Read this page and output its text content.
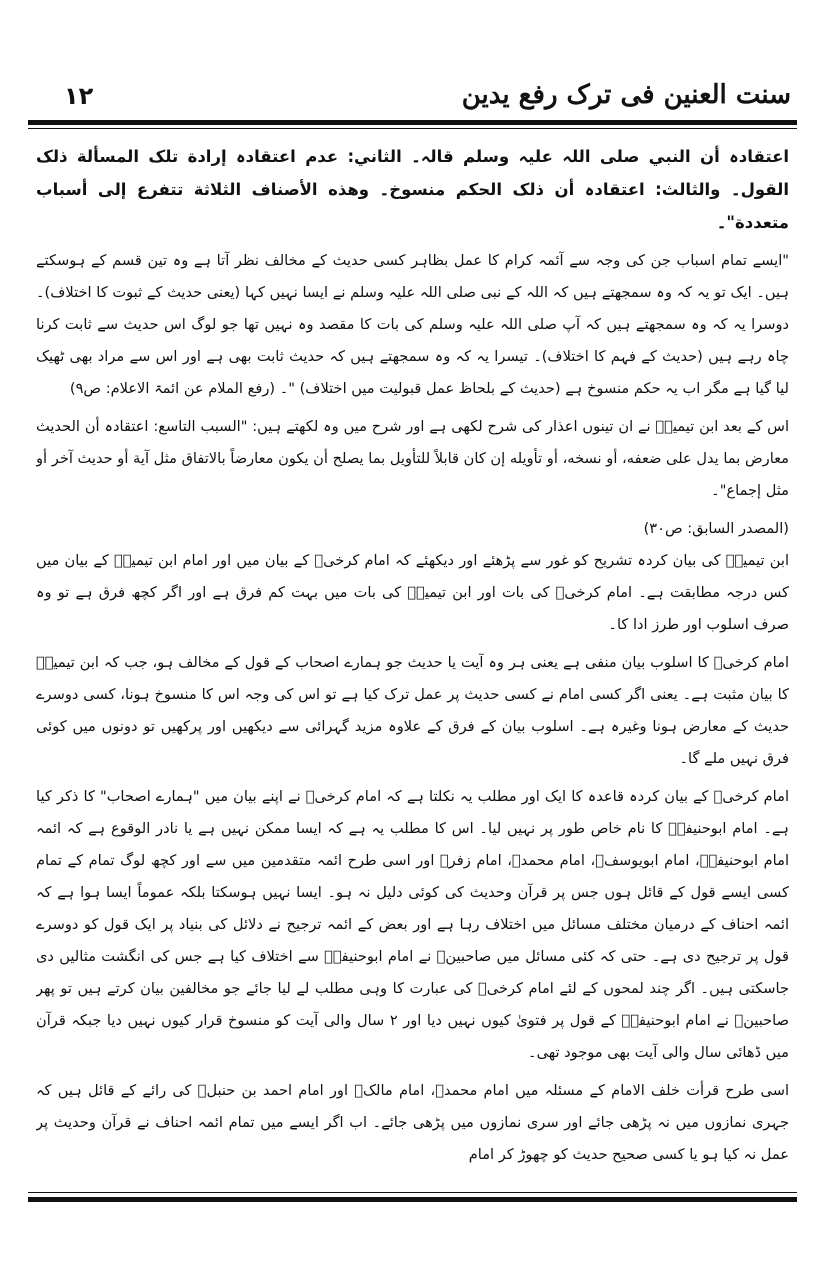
سنت العنین فی ترک رفع یدین
۱۲

اعتقادہ أن النبي صلی اللہ علیہ وسلم قالہ۔ الثاني: عدم اعتقادہ إرادة تلک المسألة ذلک القول۔ والثالث: اعتقادہ أن ذلک الحکم منسوخ۔ وهذه الأصناف الثلاثة تتفرع إلی أسباب متعددة"۔

"ایسے تمام اسباب جن کی وجہ سے آئمہ کرام کا عمل بظاہر کسی حدیث کے مخالف نظر آتا ہے وہ تین قسم کے ہوسکتے ہیں۔ ایک تو یہ کہ وہ سمجھتے ہیں کہ اللہ کے نبی صلی اللہ علیہ وسلم نے ایسا نہیں کہا (یعنی حدیث کے ثبوت کا اختلاف)۔ دوسرا یہ کہ وہ سمجھتے ہیں کہ آپ صلی اللہ علیہ وسلم کی بات کا مقصد وہ نہیں تھا جو لوگ اس حدیث سے ثابت کرنا چاہ رہے ہیں (حدیث کے فہم کا اختلاف)۔ تیسرا یہ کہ وہ سمجھتے ہیں کہ حدیث ثابت بھی ہے اور اس سے مراد بھی ٹھیک لیا گیا ہے مگر اب یہ حکم منسوخ ہے (حدیث کے بلحاظ عمل قبولیت میں اختلاف) "۔ (رفع الملام عن ائمۃ الاعلام: ص۹)

اس کے بعد ابن تیمیہؒ نے ان تینوں اعذار کی شرح لکھی ہے اور شرح میں وہ لکھتے ہیں: "السبب التاسع: اعتقادہ أن الحدیث معارض بما یدل علی ضعفه، أو نسخه، أو تأویله إن کان قابلاً للتأویل بما یصلح أن یکون معارضاً بالاتفاق مثل آیة أو حدیث آخر أو مثل إجماع"۔

(المصدر السابق: ص۳۰)

ابن تیمیہؒ کی بیان کردہ تشریح کو غور سے پڑھئے اور دیکھئے کہ امام کرخیؒ کے بیان میں اور امام ابن تیمیہؒ کے بیان میں کس درجہ مطابقت ہے۔ امام کرخیؒ کی بات اور ابن تیمیہؒ کی بات میں بہت کم فرق ہے اور اگر کچھ فرق ہے تو وہ صرف اسلوب اور طرز ادا کا۔

امام کرخیؒ کا اسلوب بیان منفی ہے یعنی ہر وہ آیت یا حدیث جو ہمارے اصحاب کے قول کے مخالف ہو، جب کہ ابن تیمیہؒ کا بیان مثبت ہے۔ یعنی اگر کسی امام نے کسی حدیث پر عمل ترک کیا ہے تو اس کی وجہ اس کا منسوخ ہونا، کسی دوسرے حدیث کے معارض ہونا وغیرہ ہے۔ اسلوب بیان کے فرق کے علاوہ مزید گہرائی سے دیکھیں اور پرکھیں تو دونوں میں کوئی فرق نہیں ملے گا۔

امام کرخیؒ کے بیان کردہ قاعدہ کا ایک اور مطلب یہ نکلتا ہے کہ امام کرخیؒ نے اپنے بیان میں "ہمارے اصحاب" کا ذکر کیا ہے۔ امام ابوحنیفہؒ کا نام خاص طور پر نہیں لیا۔ اس کا مطلب یہ ہے کہ ایسا ممکن نہیں ہے یا نادر الوقوع ہے کہ ائمہ امام ابوحنیفہؒ، امام ابویوسفؒ، امام محمدؒ، امام زفرؒ اور اسی طرح ائمہ متقدمین میں سے اور کچھ لوگ تمام کے تمام کسی ایسے قول کے قائل ہوں جس پر قرآن وحدیث کی کوئی دلیل نہ ہو۔ ایسا نہیں ہوسکتا بلکہ عموماً ایسا ہوا ہے کہ ائمہ احناف کے درمیان مختلف مسائل میں اختلاف رہا ہے اور بعض کے ائمہ ترجیح نے دلائل کی بنیاد پر ایک قول کو دوسرے قول پر ترجیح دی ہے۔ حتی کہ کئی مسائل میں صاحبینؒ نے امام ابوحنیفہؒ سے اختلاف کیا ہے جس کی انگشت مثالیں دی جاسکتی ہیں۔ اگر چند لمحوں کے لئے امام کرخیؒ کی عبارت کا وہی مطلب لے لیا جائے جو مخالفین بیان کرتے ہیں تو پھر صاحبینؒ نے امام ابوحنیفہؒ کے قول پر فتویٰ کیوں نہیں دیا اور ۲ سال والی آیت کو منسوخ قرار کیوں نہیں دیا جبکہ قرآن میں ڈھائی سال والی آیت بھی موجود تھی۔

اسی طرح قرأت خلف الامام کے مسئلہ میں امام محمدؒ، امام مالکؒ اور امام احمد بن حنبلؒ کی رائے کے قائل ہیں کہ جہری نمازوں میں نہ پڑھی جائے اور سری نمازوں میں پڑھی جائے۔ اب اگر ایسے میں تمام ائمہ احناف نے قرآن وحدیث پر عمل نہ کیا ہو یا کسی صحیح حدیث کو چھوڑ کر امام
